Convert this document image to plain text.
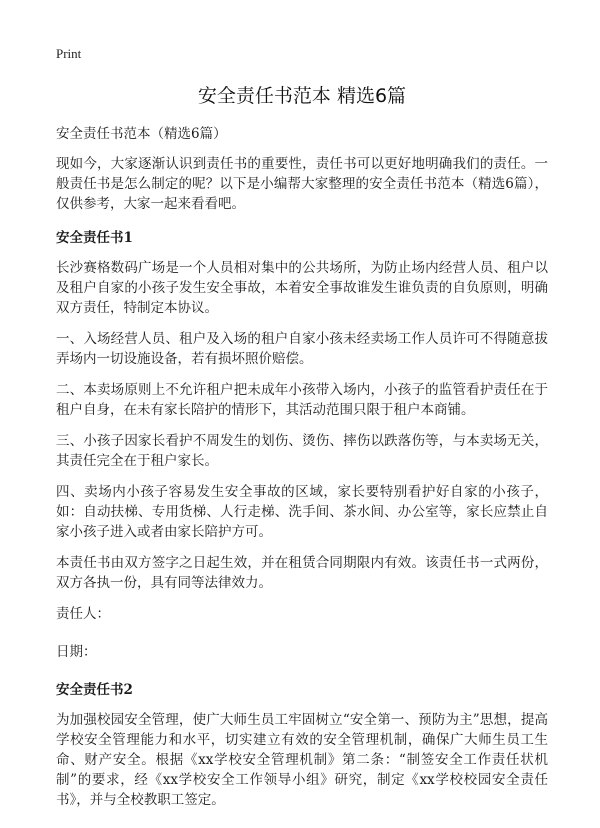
Print
安全责任书范本 精选6篇

安全责任书范本（精选6篇）

现如今，大家逐渐认识到责任书的重要性，责任书可以更好地明确我们的责任。一般责任书是怎么制定的呢？以下是小编帮大家整理的安全责任书范本（精选6篇），仅供参考，大家一起来看看吧。

安全责任书1

长沙赛格数码广场是一个人员相对集中的公共场所，为防止场内经营人员、租户以及租户自家的小孩子发生安全事故，本着安全事故谁发生谁负责的自负原则，明确双方责任，特制定本协议。

一、入场经营人员、租户及入场的租户自家小孩未经卖场工作人员许可不得随意拔弄场内一切设施设备，若有损坏照价赔偿。

二、本卖场原则上不允许租户把未成年小孩带入场内，小孩子的监管看护责任在于租户自身，在未有家长陪护的情形下，其活动范围只限于租户本商铺。

三、小孩子因家长看护不周发生的划伤、烫伤、摔伤以跌落伤等，与本卖场无关，其责任完全在于租户家长。

四、卖场内小孩子容易发生安全事故的区域，家长要特别看护好自家的小孩子，如：自动扶梯、专用货梯、人行走梯、洗手间、茶水间、办公室等，家长应禁止自家小孩子进入或者由家长陪护方可。

本责任书由双方签字之日起生效，并在租赁合同期限内有效。该责任书一式两份，双方各执一份，具有同等法律效力。

责任人：

日期：

安全责任书2

为加强校园安全管理，使广大师生员工牢固树立“安全第一、预防为主”思想，提高学校安全管理能力和水平，切实建立有效的安全管理机制，确保广大师生员工生命、财产安全。根据《xx学校安全管理机制》第二条：“制签安全工作责任状机制”的要求，经《xx学校安全工作领导小组》研究，制定《xx学校校园安全责任书》，并与全校教职工签定。
